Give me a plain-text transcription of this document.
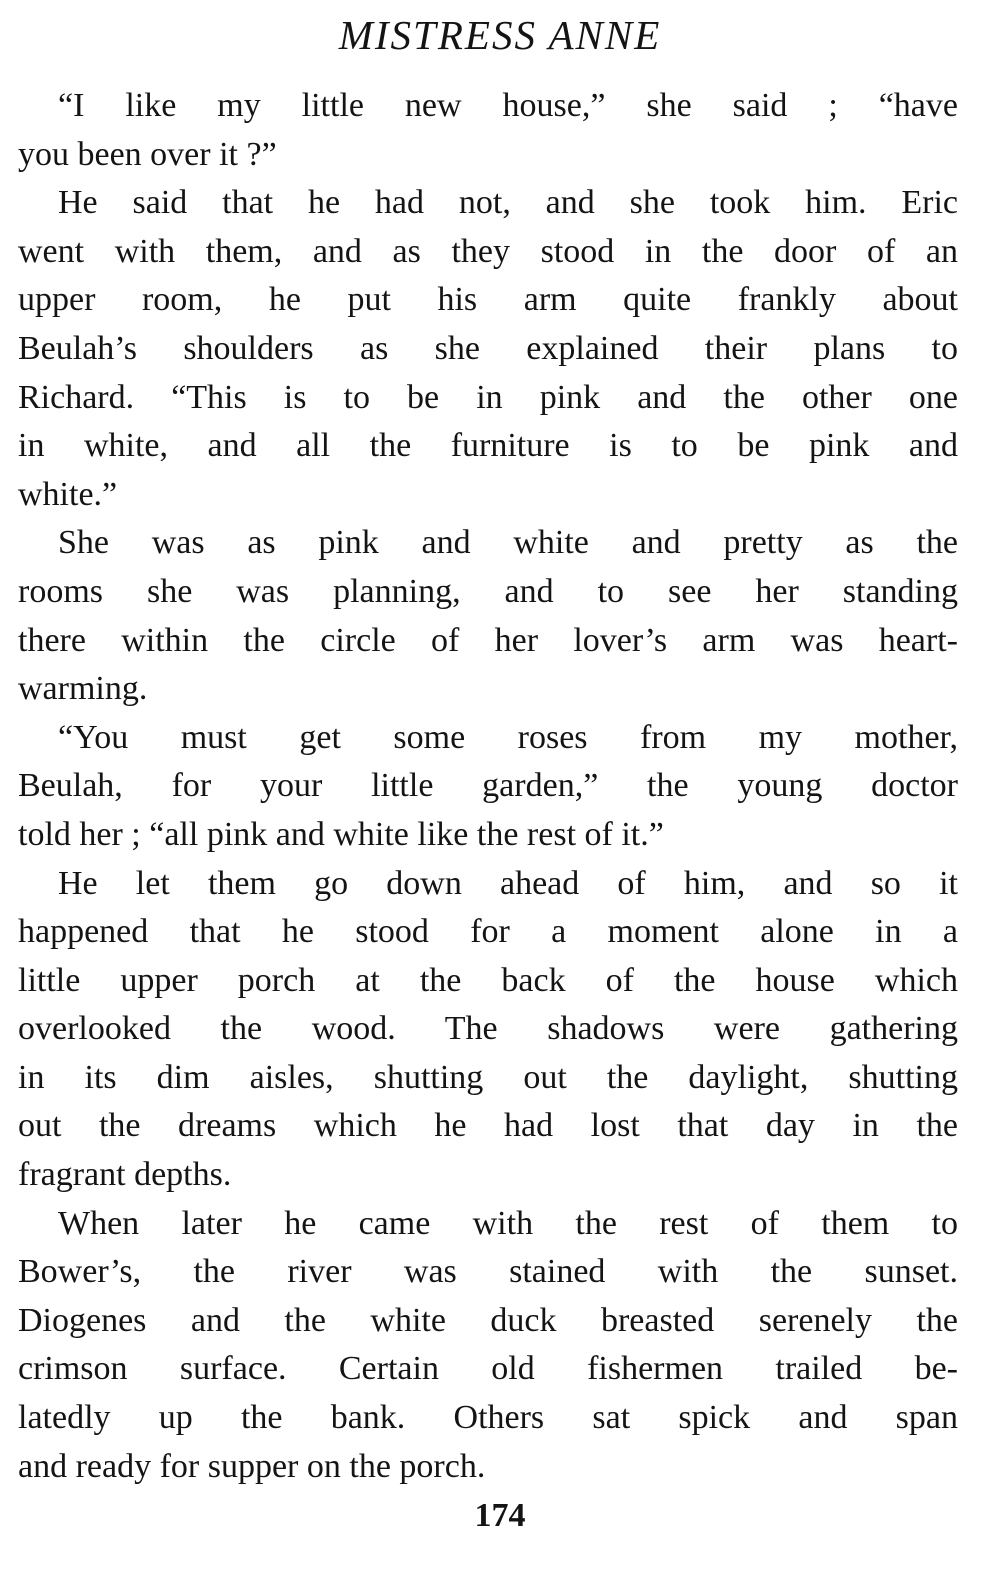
MISTRESS ANNE

“I like my little new house,” she said ; “have
you been over it ?”

He said that he had not, and she took him. Eric
went with them, and as they stood in the door of an
upper room, he put his arm quite frankly about
Beulah’s shoulders as she explained their plans to
Richard. “This is to be in pink and the other one
in white, and all the furniture is to be pink and
white.”

She was as pink and white and pretty as the
rooms she was planning, and to see her standing
there within the circle of her lover’s arm was heart-
warming.

“You must get some roses from my mother,
Beulah, for your little garden,” the young doctor
told her ; “all pink and white like the rest of it.”

He let them go down ahead of him, and so it
happened that he stood for a moment alone in a
little upper porch at the back of the house which
overlooked the wood. The shadows were gathering
in its dim aisles, shutting out the daylight, shutting
out the dreams which he had lost that day in the
fragrant depths.

When later he came with the rest of them to
Bower’s, the river was stained with the sunset.
Diogenes and the white duck breasted serenely the
crimson surface. Certain old fishermen trailed be-
latedly up the bank. Others sat spick and span
and ready for supper on the porch.

174
